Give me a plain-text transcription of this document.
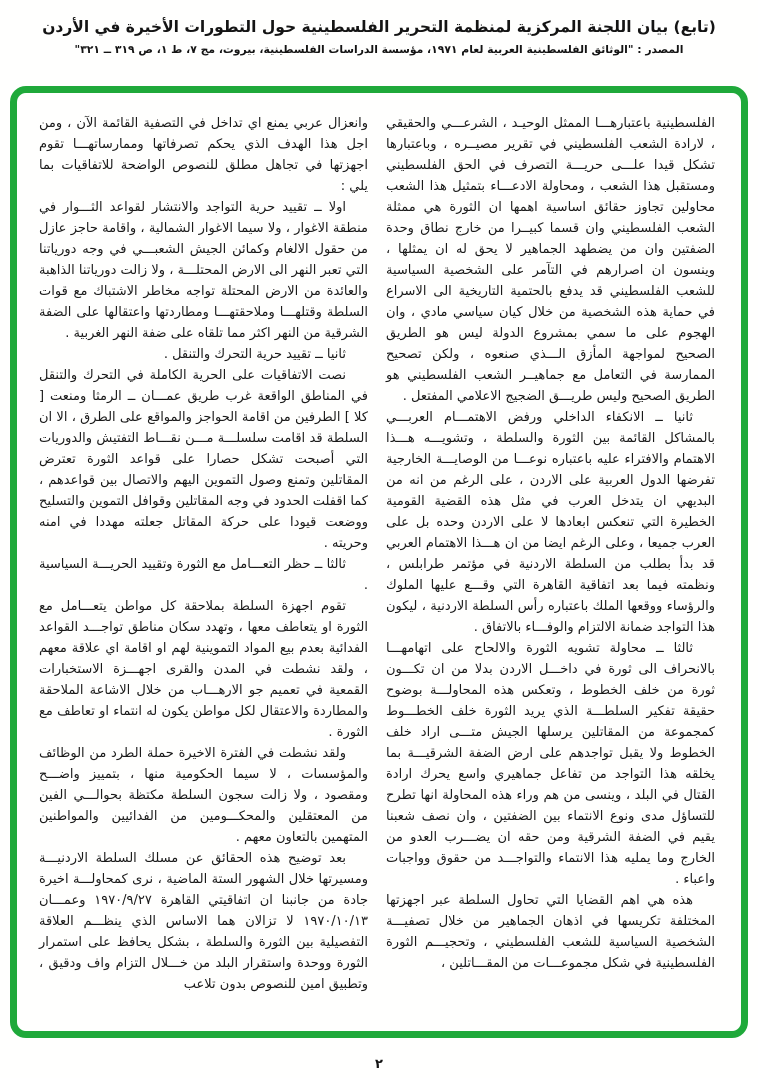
(تابع) بيان اللجنة المركزية لمنظمة التحرير الفلسطينية حول التطورات الأخيرة في الأردن
المصدر : "الوثائق الفلسطينية العربية لعام ١٩٧١، مؤسسة الدراسات الفلسطينية، بيروت، مج ٧، ط ١، ص ٣١٩ ــ ٣٢١"

الفلسطينية باعتبارهـــا الممثل الوحيـد ، الشرعـــي والحقيقي ، لارادة الشعب الفلسطيني في تقرير مصيــره ، وباعتبارها تشكل قيدا علـــى حريـــة التصرف في الحق الفلسطيني ومستقبل هذا الشعب ، ومحاولة الادعـــاء بتمثيل هذا الشعب محاولين تجاوز حقائق اساسية اهمها ان الثورة هي ممثلة الشعب الفلسطيني وان قسما كبيــرا من خارج نطاق وحدة الضفتين وان من يضطهد الجماهير لا يحق له ان يمثلها ، وينسون ان اصرارهم في التآمر على الشخصية السياسية للشعب الفلسطيني قد يدفع بالحتمية التاريخية الى الاسراع في حماية هذه الشخصية من خلال كيان سياسي مادي ، وان الهجوم على ما سمي بمشروع الدولة ليس هو الطريق الصحيح لمواجهة المأزق الـــذي صنعوه ، ولكن تصحيح الممارسة في التعامل مع جماهيــر الشعب الفلسطيني هو الطريق الصحيح وليس طريـــق الضجيج الاعلامي المفتعل .

ثانيا ــ الانكفاء الداخلي ورفض الاهتمـــام العربـــي بالمشاكل القائمة بين الثورة والسلطة ، وتشويـــه هـــذا الاهتمام والافتراء عليه باعتباره نوعـــا من الوصايـــة الخارجية تفرضها الدول العربية على الاردن ، على الرغم من انه من البديهي ان يتدخل العرب في مثل هذه القضية القومية الخطيرة التي تنعكس ابعادها لا على الاردن وحده بل على العرب جميعا ، وعلى الرغم ايضا من ان هـــذا الاهتمام العربي قد بدأ بطلب من السلطة الاردنية في مؤتمر طرابلس ، ونظمته فيما بعد اتفاقية القاهرة التي وقـــع عليها الملوك والرؤساء ووقعها الملك باعتباره رأس السلطة الاردنية ، ليكون هذا التواجد ضمانة الالتزام والوفـــاء بالاتفاق .

ثالثا ــ محاولة تشويه الثورة والالحاح على اتهامهـــا بالانحراف الى ثورة في داخـــل الاردن بدلا من ان تكـــون ثورة من خلف الخطوط ، وتعكس هذه المحاولـــة بوضوح حقيقة تفكير السلطـــة الذي يريد الثورة خلف الخطـــوط كمجموعة من المقاتلين يرسلها الجيش متـــى اراد خلف الخطوط ولا يقبل تواجدهم على ارض الضفة الشرقيـــة بما يخلقه هذا التواجد من تفاعل جماهيري واسع يحرك ارادة القتال في البلد ، وينسى من هم وراء هذه المحاولة انها تطرح للتساؤل مدى ونوع الانتماء بين الضفتين ، وان نصف شعبنا يقيم في الضفة الشرقية ومن حقه ان يضـــرب العدو من الخارج وما يمليه هذا الانتماء والتواجـــد من حقوق وواجبات واعباء .

هذه هي اهم القضايا التي تحاول السلطة عبر اجهزتها المختلفة تكريسها في اذهان الجماهير من خلال تصفيـــة الشخصية السياسية للشعب الفلسطيني ، وتحجيـــم الثورة الفلسطينية في شكل مجموعـــات من المقـــاتلين ،

وانعزال عربي يمنع اي تداخل في التصفية القائمة الآن ، ومن اجل هذا الهدف الذي يحكم تصرفاتها وممارساتهـــا تقوم اجهزتها في تجاهل مطلق للنصوص الواضحة للاتفاقيات بما يلي :

اولا ــ تقييد حرية التواجد والانتشار لقواعد الثـــوار في منطقة الاغوار ، ولا سيما الاغوار الشمالية ، واقامة حاجز عازل من حقول الالغام وكمائن الجيش الشعبـــي في وجه دورياتنا التي تعبر النهر الى الارض المحتلـــة ، ولا زالت دورياتنا الذاهبة والعائدة من الارض المحتلة تواجه مخاطر الاشتباك مع قوات السلطة وقتلهـــا وملاحقتهـــا ومطاردتها واعتقالها على الضفة الشرقية من النهر اكثر مما تلقاه على ضفة النهر الغربية .

ثانيا ــ تقييد حرية التحرك والتنقل .

نصت الاتفاقيات على الحرية الكاملة في التحرك والتنقل في المناطق الواقعة غرب طريق عمـــان ــ الرمثا ومنعت [ كلا ] الطرفين من اقامة الحواجز والمواقع على الطرق ، الا ان السلطة قد اقامت سلسلـــة مـــن نقـــاط التفتيش والدوريات التي أصبحت تشكل حصارا على قواعد الثورة تعترض المقاتلين وتمنع وصول التموين اليهم والاتصال بين قواعدهم ، كما اقفلت الحدود في وجه المقاتلين وقوافل التموين والتسليح ووضعت قيودا على حركة المقاتل جعلته مهددا في امنه وحريته .

ثالثا ــ حظر التعـــامل مع الثورة وتقييد الحريـــة السياسية .

تقوم اجهزة السلطة بملاحقة كل مواطن يتعـــامل مع الثورة او يتعاطف معها ، وتهدد سكان مناطق تواجـــد القواعد الفدائية بعدم بيع المواد التموينية لهم او اقامة اي علاقة معهم ، ولقد نشطت في المدن والقرى اجهـــزة الاستخبارات القمعية في تعميم جو الارهـــاب من خلال الاشاعة الملاحقة والمطاردة والاعتقال لكل مواطن يكون له انتماء او تعاطف مع الثورة .

ولقد نشطت في الفترة الاخيرة حملة الطرد من الوظائف والمؤسسات ، لا سيما الحكومية منها ، بتمييز واضـــح ومقصود ، ولا زالت سجون السلطة مكتظة بحوالـــي الفين من المعتقلين والمحكـــومين من الفدائيين والمواطنين المتهمين بالتعاون معهم .

بعد توضيح هذه الحقائق عن مسلك السلطة الاردنيـــة ومسيرتها خلال الشهور الستة الماضية ، نرى كمحاولـــة اخيرة جادة من جانبنا ان اتفاقيتي القاهرة ١٩٧٠/٩/٢٧ وعمـــان ١٩٧٠/١٠/١٣ لا تزالان هما الاساس الذي ينظـــم العلاقة التفصيلية بين الثورة والسلطة ، بشكل يحافظ على استمرار الثورة ووحدة واستقرار البلد من خـــلال التزام واف ودقيق ، وتطبيق امين للنصوص بدون تلاعب

٢
